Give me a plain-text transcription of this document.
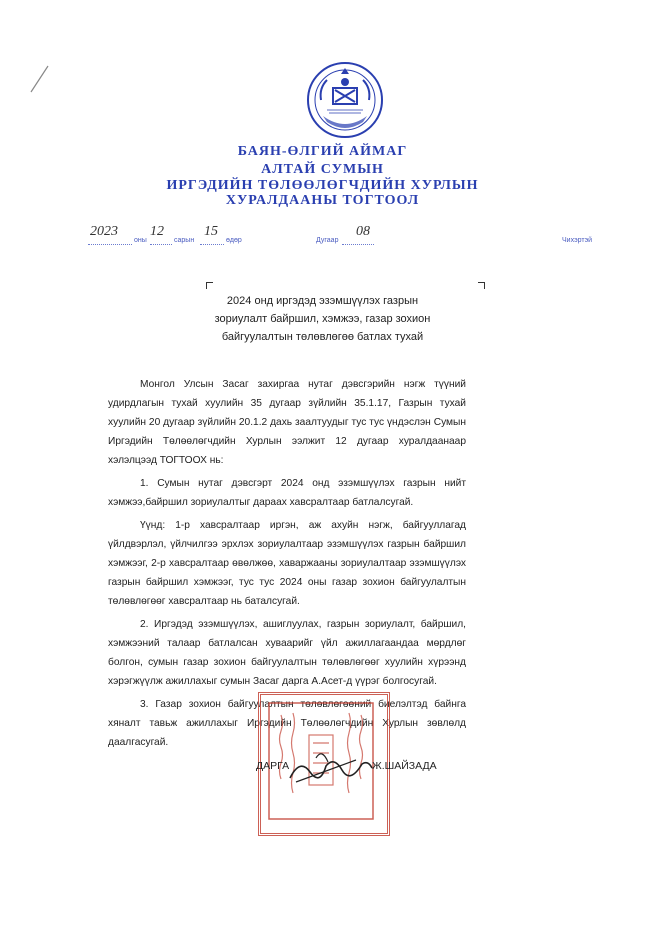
БАЯН-ӨЛГИЙ АЙМАГ
АЛТАЙ СУМЫН
ИРГЭДИЙН ТӨЛӨӨЛӨГЧДИЙН ХУРЛЫН
ХУРАЛДААНЫ ТОГТООЛ
2023
оны
12
сарын
15
өдөр	Дугаар
08
Чихэртэй
2024 онд иргэдэд эзэмшүүлэх газрын
зориулалт байршил, хэмжээ, газар зохион
байгуулалтын төлөвлөгөө батлах тухай

Монгол Улсын Засаг захиргаа нутаг дэвсгэрийн нэгж түүний удирдлагын тухай хуулийн 35 дугаар зүйлийн 35.1.17, Газрын тухай хуулийн 20 дугаар зүйлийн 20.1.2 дахь заалтуудыг тус тус үндэслэн Сумын Иргэдийн Төлөөлөгчдийн Хурлын ээлжит 12 дугаар хуралдаанаар хэлэлцээд ТОГТООХ нь:

1. Сумын нутаг дэвсгэрт 2024 онд эзэмшүүлэх газрын нийт хэмжээ,байршил зориулалтыг дараах хавсралтаар батлалсугай.

Үүнд: 1-р хавсралтаар иргэн, аж ахуйн нэгж, байгууллагад үйлдвэрлэл, үйлчилгээ эрхлэх зориулалтаар эзэмшүүлэх газрын байршил хэмжээг, 2-р хавсралтаар өвөлжөө, хаваржааны зориулалтаар эзэмшүүлэх газрын байршил хэмжээг, тус тус 2024 оны газар зохион байгуулалтын төлөвлөгөөг хавсралтаар нь баталсугай.

2. Иргэдэд эзэмшүүлэх, ашиглуулах, газрын зориулалт, байршил, хэмжээний талаар батлалсан хуваарийг үйл ажиллагаандаа мөрдлөг болгон, сумын газар зохион байгуулалтын төлөвлөгөөг хуулийн хүрээнд хэрэгжүүлж ажиллахыг сумын Засаг дарга А.Асет-д үүрэг болгосугай.

3. Газар зохион байгуулалтын төлөвлөгөөний биелэлтэд байнга хяналт тавьж ажиллахыг Иргэдийн Төлөөлөгчдийн Хурлын зөвлөлд даалгасугай.

ДАРГА	Ж.ШАЙЗАДА
